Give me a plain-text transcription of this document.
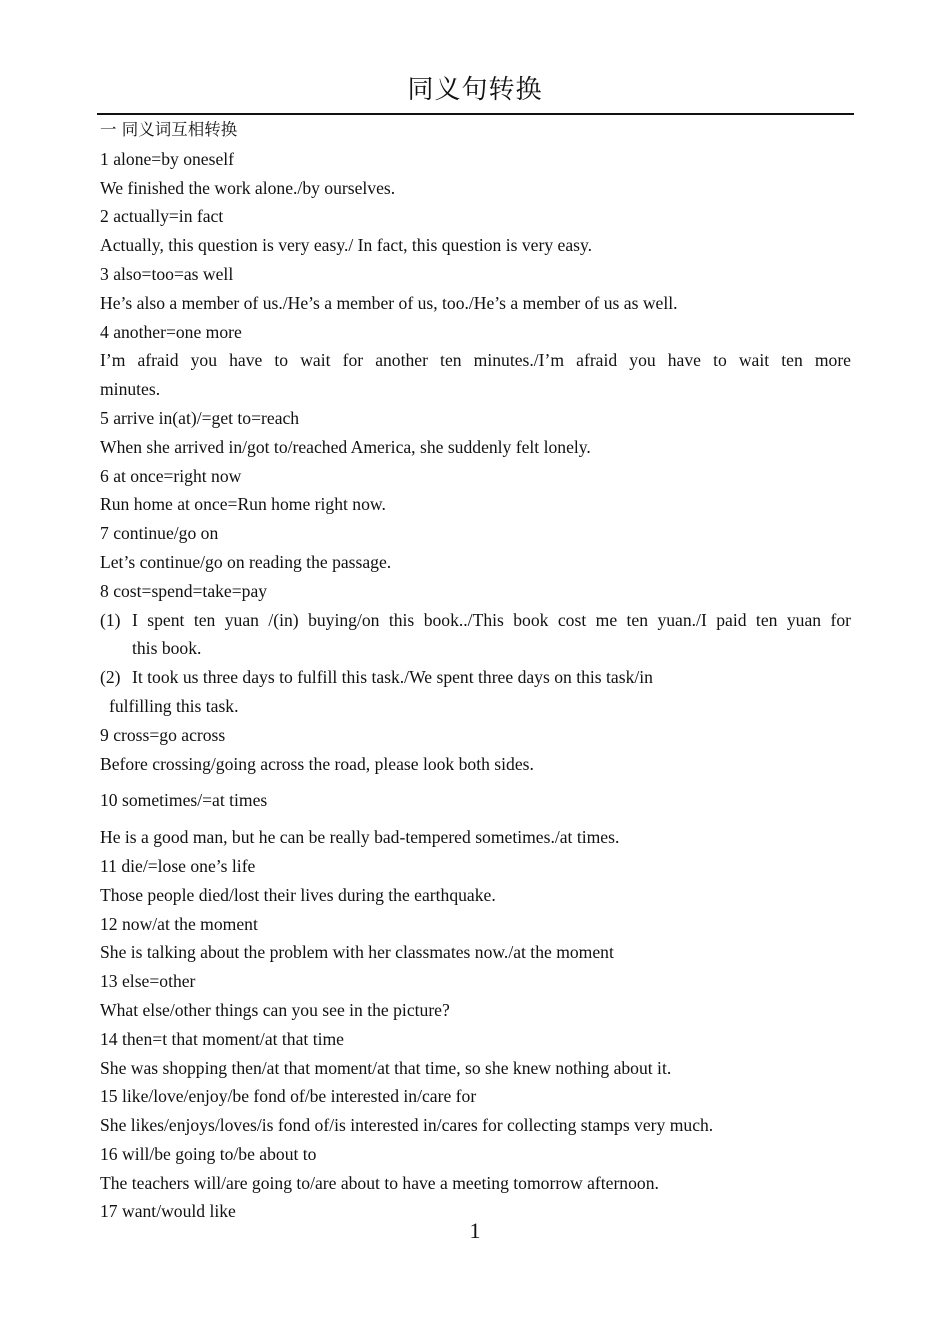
同义句转换
一 同义词互相转换
1 alone=by oneself
We finished the work alone./by ourselves.
2 actually=in fact
Actually, this question is very easy./ In fact, this question is very easy.
3 also=too=as well
He’s also a member of us./He’s a member of us, too./He’s a member of us as well.
4 another=one more
I’m afraid you have to wait for another ten minutes./I’m afraid you have to wait ten more
minutes.
5 arrive in(at)/=get to=reach
When she arrived in/got to/reached America, she suddenly felt lonely.
6 at once=right now
Run home at once=Run home right now.
7 continue/go on
Let’s continue/go on reading the passage.
8 cost=spend=take=pay
(1) I spent ten yuan /(in) buying/on this book../This book cost me ten yuan./I paid ten yuan for
this book.
(2) It took us three days to fulfill this task./We spent three days on this task/in
fulfilling this task.
9 cross=go across
Before crossing/going across the road, please look both sides.
10 sometimes/=at times
He is a good man, but he can be really bad-tempered sometimes./at times.
11 die/=lose one’s life
Those people died/lost their lives during the earthquake.
12 now/at the moment
She is talking about the problem with her classmates now./at the moment
13 else=other
What else/other things can you see in the picture?
14 then=t that moment/at that time
She was shopping then/at that moment/at that time, so she knew nothing about it.
15 like/love/enjoy/be fond of/be interested in/care for
She likes/enjoys/loves/is fond of/is interested in/cares for collecting stamps very much.
16 will/be going to/be about to
The teachers will/are going to/are about to have a meeting tomorrow afternoon.
17 want/would like
1
